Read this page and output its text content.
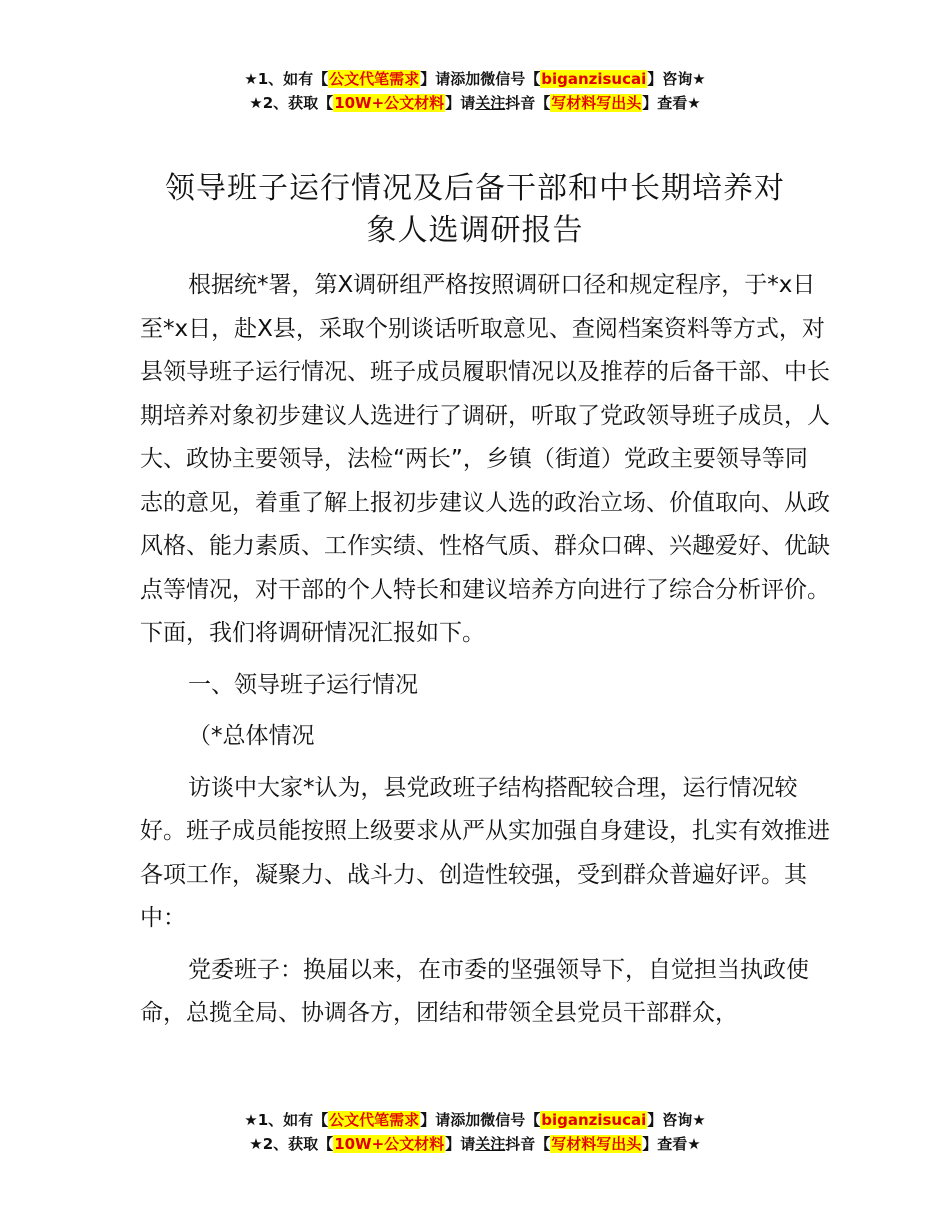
★1、如有【公文代笔需求】请添加微信号【biganzisucai】咨询★
★2、获取【10W+公文材料】请关注抖音【写材料写出头】查看★
领导班子运行情况及后备干部和中长期培养对
象人选调研报告

根据统*署，第X调研组严格按照调研口径和规定程序，于*x日至*x日，赴X县，采取个别谈话听取意见、查阅档案资料等方式，对县领导班子运行情况、班子成员履职情况以及推荐的后备干部、中长期培养对象初步建议人选进行了调研，听取了党政领导班子成员，人大、政协主要领导，法检“两长”，乡镇（街道）党政主要领导等同志的意见，着重了解上报初步建议人选的政治立场、价值取向、从政风格、能力素质、工作实绩、性格气质、群众口碑、兴趣爱好、优缺点等情况，对干部的个人特长和建议培养方向进行了综合分析评价。下面，我们将调研情况汇报如下。

一、领导班子运行情况

（*总体情况

访谈中大家*认为，县党政班子结构搭配较合理，运行情况较好。班子成员能按照上级要求从严从实加强自身建设，扎实有效推进各项工作，凝聚力、战斗力、创造性较强，受到群众普遍好评。其中：

党委班子：换届以来，在市委的坚强领导下，自觉担当执政使命，总揽全局、协调各方，团结和带领全县党员干部群众，

★1、如有【公文代笔需求】请添加微信号【biganzisucai】咨询★
★2、获取【10W+公文材料】请关注抖音【写材料写出头】查看★
